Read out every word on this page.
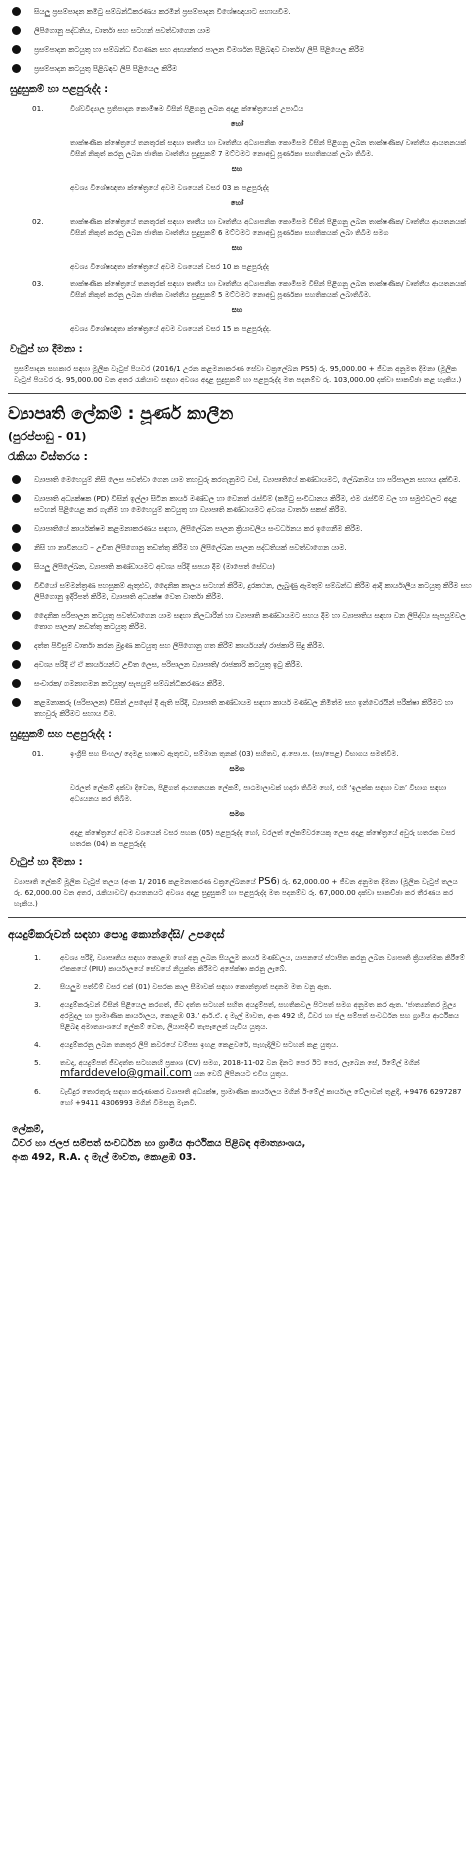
සියලු ප්‍රසම්පාදන කමිටු සම්බන්ධීකරණය කරමින් ප්‍රසම්පාදන විශේෂඥයාට සහායවීම.
ලිපිගොනු පද්ධතිය, වාර්තා සහ සටහන් පවත්වාගෙන යාම
ප්‍රසම්පාදන කටයුතු හා සම්බන්ධ විගණන සහ අභ්‍යන්තර පාලන විමර්ශන පිළිබඳව වාර්තා/ ලිපි පිළියෙල කිරීම
ප්‍රසම්පාදන කටයුතු පිළිබඳව ලිපි පිළියෙල කිරීම
සුදුසුකම් හා පළපුරුද්ද :
01.	විශ්වවිද්‍යාල ප්‍රතිපාදන කොමිෂම විසින් පිළිගනු ලබන අදාළ ක්ෂේත්‍රයෙන් උපාධිය
හෝ
තාක්ෂණික ක්ෂේත්‍රයේ තනතුරක් සඳහා තෘතීය හා වෘත්තීය අධ්‍යාපනික කොමිසම විසින් පිළිගනු ලබන තාක්ෂණික/ වෘත්තීය ආයතනයක් විසින් නිකුත් කරනු ලබන ජාතික වෘත්තීය සුදුසුකම් 7 මට්ටමට නොඅඩු පූර්ණකා සහතිකයක් ලබා තිබීම.
සහ
අවශ්‍ය විශේෂඥතා ක්ෂේත්‍රයේ අවම වශයෙන් වසර 03 ක පළපුරුද්ද
හෝ
02.	තාක්ෂණික ක්ෂේත්‍රයේ තනතුරක් සඳහා තෘතීය හා වෘත්තීය අධ්‍යාපනික කොමිසම විසින් පිළිගනු ලබන තාක්ෂණික/ වෘත්තීය ආයතනයක් විසින් නිකුත් කරනු ලබන ජාතික වෘත්තීය සුදුසුකම් 6 මට්ටමට නොඅඩු පූර්ණකා සහතිකයක් ලබා තිබීම සමග
සහ
අවශ්‍ය විශේෂඥතා ක්ෂේත්‍රයේ අවම වශයෙන් වසර 10 ක පළපුරුද්ද
03.	තාක්ෂණික ක්ෂේත්‍රයේ තනතුරක් සඳහා තෘතීය හා වෘත්තීය අධ්‍යාපනික කොමිසම විසින් පිළිගනු ලබන තාක්ෂණික/ වෘත්තීය ආයතනයක් විසින් නිකුත් කරනු ලබන ජාතික වෘත්තීය සුදුසුකම් 5 මට්ටමට නොඅඩු පූර්ණකා සහතිකයක් ලබාතිබීම.
සහ
අවශ්‍ය විශේෂඥතා ක්ෂේත්‍රයේ අවම වශයෙන් වසර 15 ක පළපුරුද්ද.
වැටුප් හා දීමනා :
ප්‍රසම්පාදන සහකාර සඳහා මූලික වැටුප් පියවර (2016/1 උරන කළමනාකරණ සේවා චක්‍රලේඛන PS5) රු. 95,000.00 + ජීවන අනුමත දීමනා (මූලික වැටුප් පියවර රු. 95,000.00 වන අතර රැකියාව සඳහා අවශ්‍ය අදාළ සුදුසුකම් හා පළපුරුද්ද මත පදනම්ව රු. 103,000.00 දක්වා සාකච්ඡා කළ හැකිය.)
ව්‍යාපෘති ලේකම් : පූර්ණ කාලීන
(පුරප්පාඩු - 01)
රැකියා විස්තරය :
ව්‍යාපෘති මෙහෙයුම් නිසි ලෙස පවත්වා ගෙන යාම තහවුරු කරගැනුමට වස්, ව්‍යාපෘතියේ කණ්ඩායමට, ලේඛනමය හා පරිපාලන සහාය දක්වීම.
ව්‍යාපෘති අධ්‍යක්ෂක (PD) විසින් ඉල්ලා සිටින කාර්ය මණ්ඩල හා වෙනත් රැස්වීම් (කමිටු සංවිධානය කිරීම, එම රැස්වීම් වල හා සමුළුවලට අදාළ සටහන් පිළියෙළ කර ගැනීම හා මෙහෙයුම් කටයුතු හා ව්‍යාපෘති කණ්ඩායමට අවශ්‍ය වාර්තා සකස් කිරීම.
ව්‍යාපෘතියේ කාර්යක්ෂම කළමනාකරණය සඳහා, ලිපිලේඛන පාලන ක්‍රියාවලිය සංවර්ධනය කර ඉගෙනීම කිරීම.
නිසි හා නාවීනයට – උචිත ලිපිගොනු තඩත්තු කිරීම හා ලිපිලේඛන පාලන පද්ධතියක් පවත්වාගෙන යාම.
සියලු ලිපිලේඛන, ව්‍යාපෘති කණ්ඩායමට අවශ්‍ය පරිදි සපයා දීම (මාපෙත් සේවය)
වීඩියෝ සම්මන්ත්‍රණ පහසුකම් ඇතුළුව, දෛනික කාලය සටහන් කිරීම, දුරකථන, ලැබුණු ඇමතුම් සම්බන්ධ කිරීම ආදි කාර්යාලීය කටයුතු කිරීම සහ ලිපිගොනු ඉදිරිපත් කිරීම, ව්‍යාපෘති අධ්‍යක්ෂ වෙත වාර්තා කිරීම.
දෛනික පරිපාලන කටයුතු පවත්වාගෙන යාම සඳහා නිලධාරීන් හා ව්‍යාපෘති කණ්ඩායමට සහය දීම හා ව්‍යාපෘතිය සඳහා වන ලිපිද්ව්‍ය සැපයුම්වල තොග පාලන/ නඩත්තු කටයුතු කිරීම.
දත්ත පිවිසුම් වාර්තා කරන මුද්‍රණ කටයුතු සහ ලිපිගොනු ගත කිරීම් කාර්යයන්/ රාජකාරි සිදු කිරීම.
අවශ්‍ය පරිදි ඒ ඒ කාර්යයන්ට උචිත ලෙස, පරිපාලන ව්‍යාපෘති/ රාජකාරි කටයුතු ඉටු කිරීම.
සංචාරක/ ගමනාගමන කටයුතු/ සැපයුම් සම්බන්ධීකරණය කිරීම.
කළමනාකරු (පරිපාලන) විසින් උපදෙස් දී ඇති පරිදි, ව්‍යාපෘති කණ්ඩායම සඳහා කාර්ය මණ්ඩල නිමිත්ම සහ ඉන්වෙරයින් පරීක්ෂා කිරීමට හා තහවුරු කිරීමට සහාය වීම.
සුදුසුකම් සහ පළපුරුද්ද :
01.	ඉංග්‍රීසි සහ සිංහල/ දෙමළ භාෂාව ඇතුළුව, සම්මාන තුනක් (03) සහිතව, අ.පො.ස. (සා/පෙළ) විභාගය සමත්වීම.
සමග
වරලත් ලේකම් දක්වා දිවෙන, පිළිගත් ආයතනයක ලේකම්, පාඨමාලාවක් හදාරා තිබීම හෝ, එහි ‘ඉලක්ක සඳහා වන’ විභාග සඳහා අධ්‍යයනය කර තිබීම.
සමග
අදාළ ක්ෂේත්‍රයේ අවම වශයෙන් වසර පහක (05) පළපුරුද්ද හෝ, වරලත් ලේකම්වරයෙකු ලෙස අදාළ ක්ෂේත්‍රයේ අවුරු හතරක වසර හතරක (04) ක පළපුරුද්ද
වැටුප් හා දීමනා :
ව්‍යාපෘති ලේකම් මූලික වැටුප් තලය (අංක 1/ 2016 කළමනාකරණ චක්‍රලේඛනයේ PS6) රු. 62,000.00 + ජීවන අනුමත දීමනා (මූලික වැටුප් තලය රු. 62,000.00 වන අතර, රැකියාවට/ ආයතනයට අවශ්‍ය අදාළ සුදුසුකම් හා පළපුරුද්ද මත පදනම්ව රු. 67,000.00 දක්වා සාකච්ඡා කර තීරණය කර හැකිය.)
අයදුම්කරුවන් සඳහා පොදු කොන්දේසි/ උපදෙස්
1.	අවශ්‍ය පරිදි, ව්‍යාපෘතිය සඳහා කොළඹ හෝ අනු ලබන සියලුම කාර්ය මණ්ඩලය, යාපනයේ ස්ථාපිත කරනු ලබන ව්‍යාපෘති ක්‍රියාත්මක කිරීමේ ඒකකයේ (PIU) කාර්යාලයේ සේවයේ නියුක්ත කිරීමට අපේක්ෂා කරනු ලැබේ.
2.	සියලුම පත්වීම් වසර එක් (01) වසරක කාල සීමාවක් සඳහා කොන්ත්‍රාත් පදනම මත වනු ඇත.
3.	අයදුම්කරුවන් විසින් පිළියෙල කරගත්, ජීව දත්ත සටහන් සහිත අයදුම්පත්, සහතිකවල පිටපත් සමග අනුමත කර ඇත. ‘ජාත්‍යන්තර මූල්‍ය අරමුදල හා ප්‍රාමාණික කාර්යාලය, කොළඹ 03.’ ආර්.ඒ. ද මැල් මාවත, අංක 492 හි, ධීවර හා ජල සම්පත් සංවර්ධන සහ ග්‍රාමීය ආර්ථිකය පිළිබඳ අමාත්‍යාංශයේ ලේකම් වෙත, ලියාපදිංචි තැපෑලෙන් යැවිය යුතුය.
4.	අයදුම්කරනු ලබන තනතුර ලිපි කවරයේ වම්පස ඉහළ කෙළවරේ, පැහැදිලිව සටහන් කළ යුතුය.
5.	තවද, අයදුම්පත් ජීවදත්ත සටහනහි ප්‍රකාශ (CV) සමග, 2018-11-02 වන දිනට පෙර ඊට පෙර, ලැබෙන සේ, ඊමේල් මගින් mfarddevelo@gmail.com යන වෙබ් ලිපිනයට එවිය යුතුය.
6.	වැඩිදුර තොරතුරු සඳහා කරුණාකර ව්‍යාපෘති අධ්‍යක්ෂ, ප්‍රාමාණික කාර්යාලය මගින් ඊ-මේල් කාර්යාල වේලාවන් තුළදී, +9476 6297287 හෝ +9411 4306993 මගින් විමසනු මැනවි.
ලේකම්,
ධීවර හා ජලජ සම්පත් සංවර්ධන හා ග්‍රාමීය ආර්ථිකය පිළිබඳ අමාත්‍යාංශය,
අංක 492, R.A. ද මැල් මාවත, කොළඹ 03.
